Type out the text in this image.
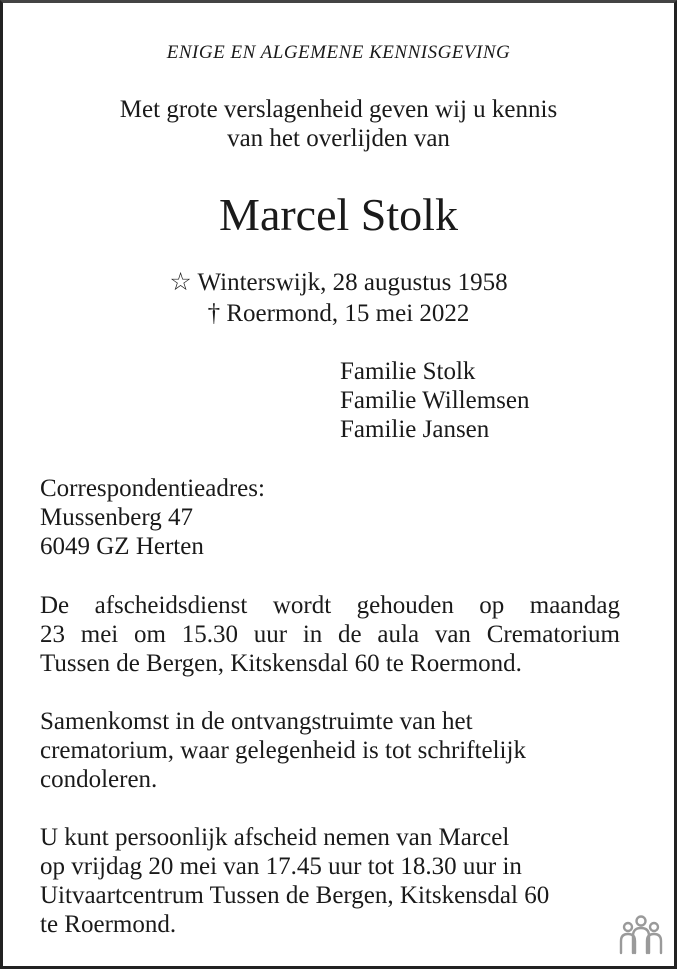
ENIGE EN ALGEMENE KENNISGEVING
Met grote verslagenheid geven wij u kennis
van het overlijden van
Marcel Stolk
☆ Winterswijk, 28 augustus 1958
† Roermond, 15 mei 2022
Familie Stolk
Familie Willemsen
Familie Jansen
Correspondentieadres:
Mussenberg 47
6049 GZ Herten
De afscheidsdienst wordt gehouden op maandag
23 mei om 15.30 uur in de aula van Crematorium
Tussen de Bergen, Kitskensdal 60 te Roermond.
Samenkomst in de ontvangstruimte van het
crematorium, waar gelegenheid is tot schriftelijk
condoleren.
U kunt persoonlijk afscheid nemen van Marcel
op vrijdag 20 mei van 17.45 uur tot 18.30 uur in
Uitvaartcentrum Tussen de Bergen, Kitskensdal 60
te Roermond.
